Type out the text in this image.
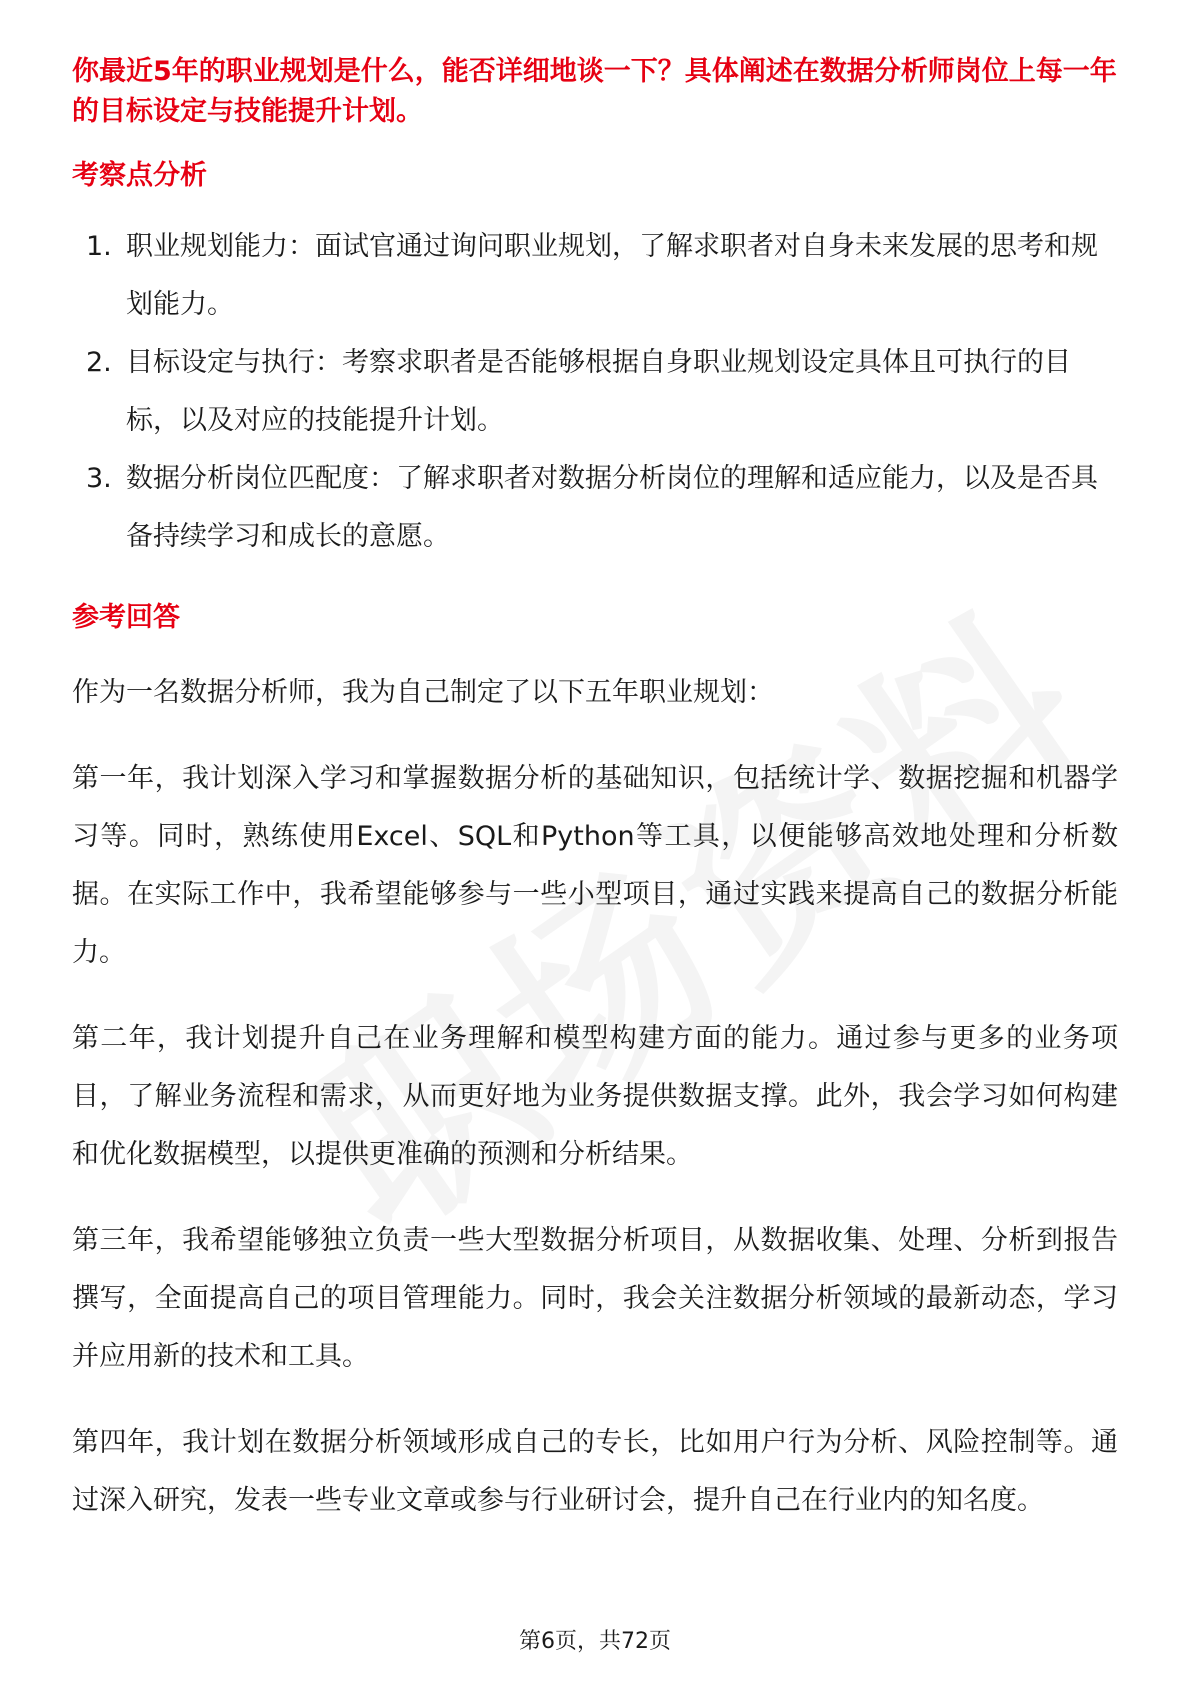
你最近5年的职业规划是什么，能否详细地谈一下？具体阐述在数据分析师岗位上每一年的目标设定与技能提升计划。

考察点分析

1. 职业规划能力：面试官通过询问职业规划，了解求职者对自身未来发展的思考和规划能力。
2. 目标设定与执行：考察求职者是否能够根据自身职业规划设定具体且可执行的目标，以及对应的技能提升计划。
3. 数据分析岗位匹配度：了解求职者对数据分析岗位的理解和适应能力，以及是否具备持续学习和成长的意愿。

参考回答

作为一名数据分析师，我为自己制定了以下五年职业规划：

第一年，我计划深入学习和掌握数据分析的基础知识，包括统计学、数据挖掘和机器学习等。同时，熟练使用Excel、SQL和Python等工具，以便能够高效地处理和分析数据。在实际工作中，我希望能够参与一些小型项目，通过实践来提高自己的数据分析能力。

第二年，我计划提升自己在业务理解和模型构建方面的能力。通过参与更多的业务项目，了解业务流程和需求，从而更好地为业务提供数据支撑。此外，我会学习如何构建和优化数据模型，以提供更准确的预测和分析结果。

第三年，我希望能够独立负责一些大型数据分析项目，从数据收集、处理、分析到报告撰写，全面提高自己的项目管理能力。同时，我会关注数据分析领域的最新动态，学习并应用新的技术和工具。

第四年，我计划在数据分析领域形成自己的专长，比如用户行为分析、风险控制等。通过深入研究，发表一些专业文章或参与行业研讨会，提升自己在行业内的知名度。

第6页，共72页
